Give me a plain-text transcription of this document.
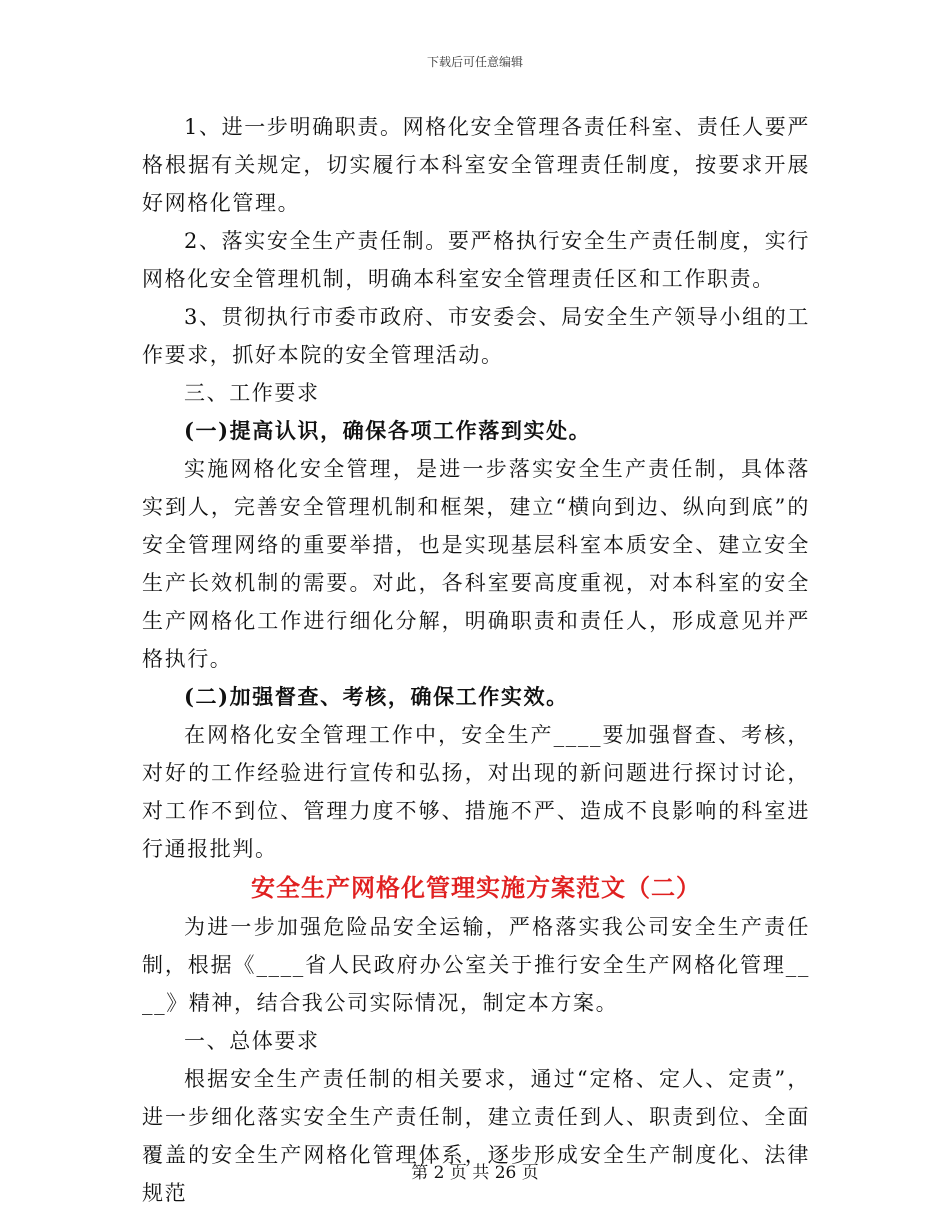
下载后可任意编辑

1、进一步明确职责。网格化安全管理各责任科室、责任人要严格根据有关规定，切实履行本科室安全管理责任制度，按要求开展好网格化管理。

2、落实安全生产责任制。要严格执行安全生产责任制度，实行网格化安全管理机制，明确本科室安全管理责任区和工作职责。

3、贯彻执行市委市政府、市安委会、局安全生产领导小组的工作要求，抓好本院的安全管理活动。

三、工作要求

(一)提高认识，确保各项工作落到实处。

实施网格化安全管理，是进一步落实安全生产责任制，具体落实到人，完善安全管理机制和框架，建立“横向到边、纵向到底”的安全管理网络的重要举措，也是实现基层科室本质安全、建立安全生产长效机制的需要。对此，各科室要高度重视，对本科室的安全生产网格化工作进行细化分解，明确职责和责任人，形成意见并严格执行。

(二)加强督查、考核，确保工作实效。

在网格化安全管理工作中，安全生产____要加强督查、考核，对好的工作经验进行宣传和弘扬，对出现的新问题进行探讨讨论，对工作不到位、管理力度不够、措施不严、造成不良影响的科室进行通报批判。

安全生产网格化管理实施方案范文（二）

为进一步加强危险品安全运输，严格落实我公司安全生产责任制，根据《____省人民政府办公室关于推行安全生产网格化管理____》精神，结合我公司实际情况，制定本方案。

一、总体要求

根据安全生产责任制的相关要求，通过“定格、定人、定责”，进一步细化落实安全生产责任制，建立责任到人、职责到位、全面覆盖的安全生产网格化管理体系，逐步形成安全生产制度化、法律规范

第 2 页 共 26 页
